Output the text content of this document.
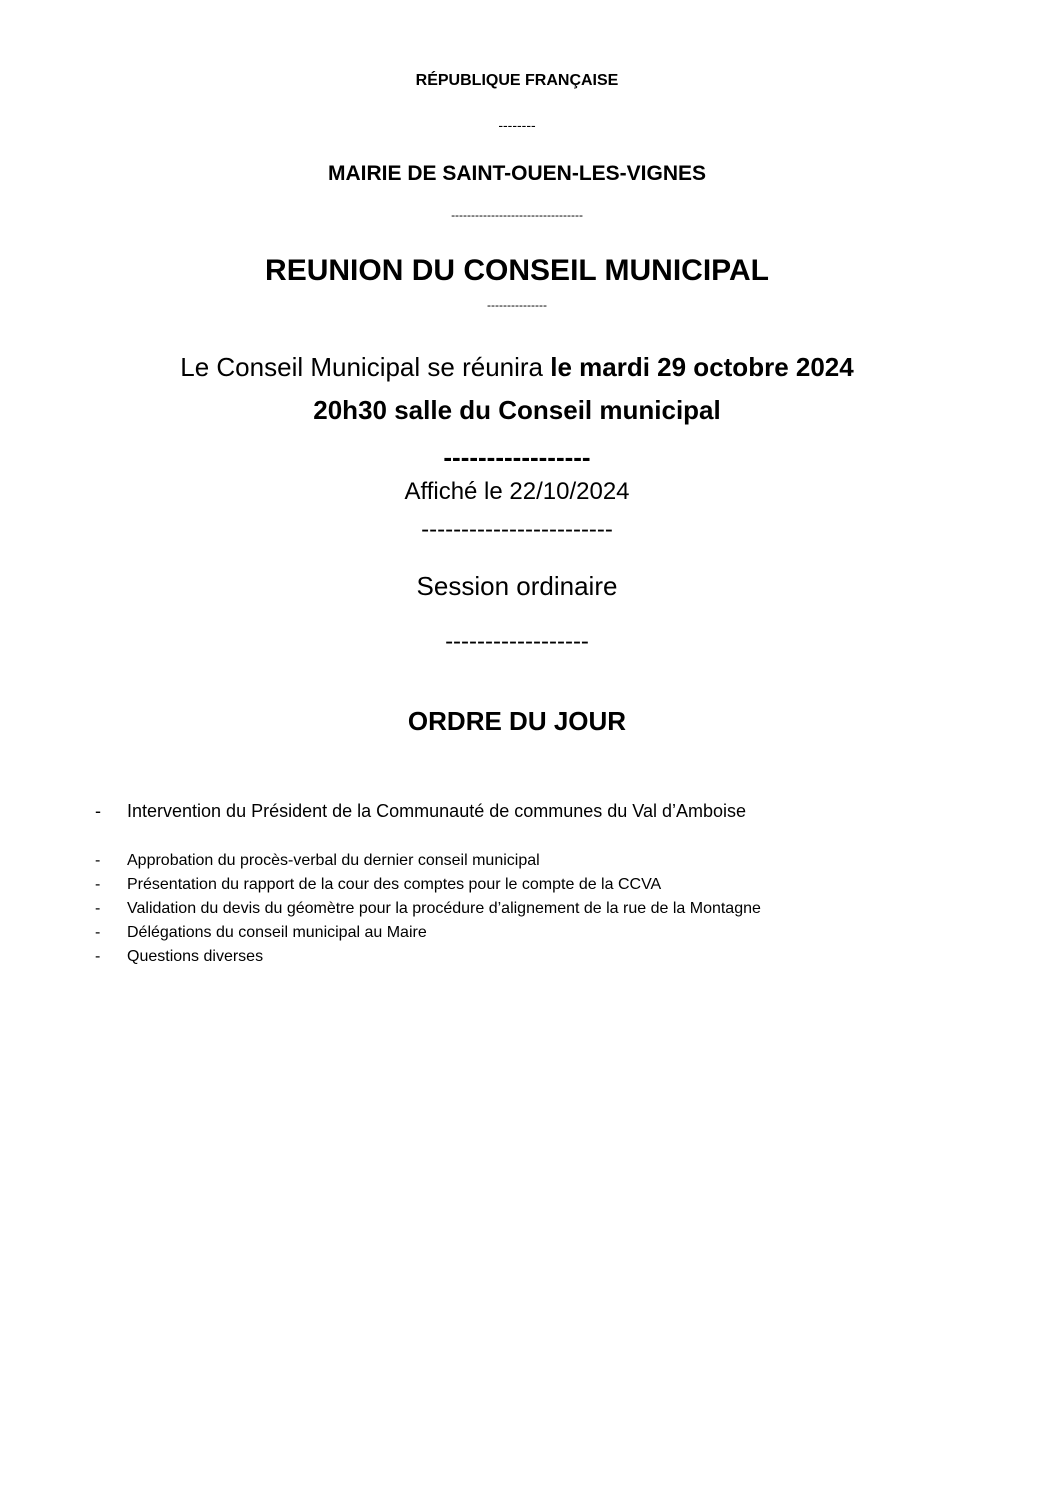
RÉPUBLIQUE FRANÇAISE
--------
MAIRIE DE SAINT-OUEN-LES-VIGNES
---------------------------------
REUNION DU CONSEIL MUNICIPAL
---------------
Le Conseil Municipal se réunira le mardi 29 octobre 2024
20h30 salle du Conseil municipal
-----------------
Affiché le 22/10/2024
------------------------
Session ordinaire
------------------
ORDRE DU JOUR
- Intervention du Président de la Communauté de communes du Val d’Amboise
- Approbation du procès-verbal du dernier conseil municipal
- Présentation du rapport de la cour des comptes pour le compte de la CCVA
- Validation du devis du géomètre pour la procédure d’alignement de la rue de la Montagne
- Délégations du conseil municipal au Maire
- Questions diverses
